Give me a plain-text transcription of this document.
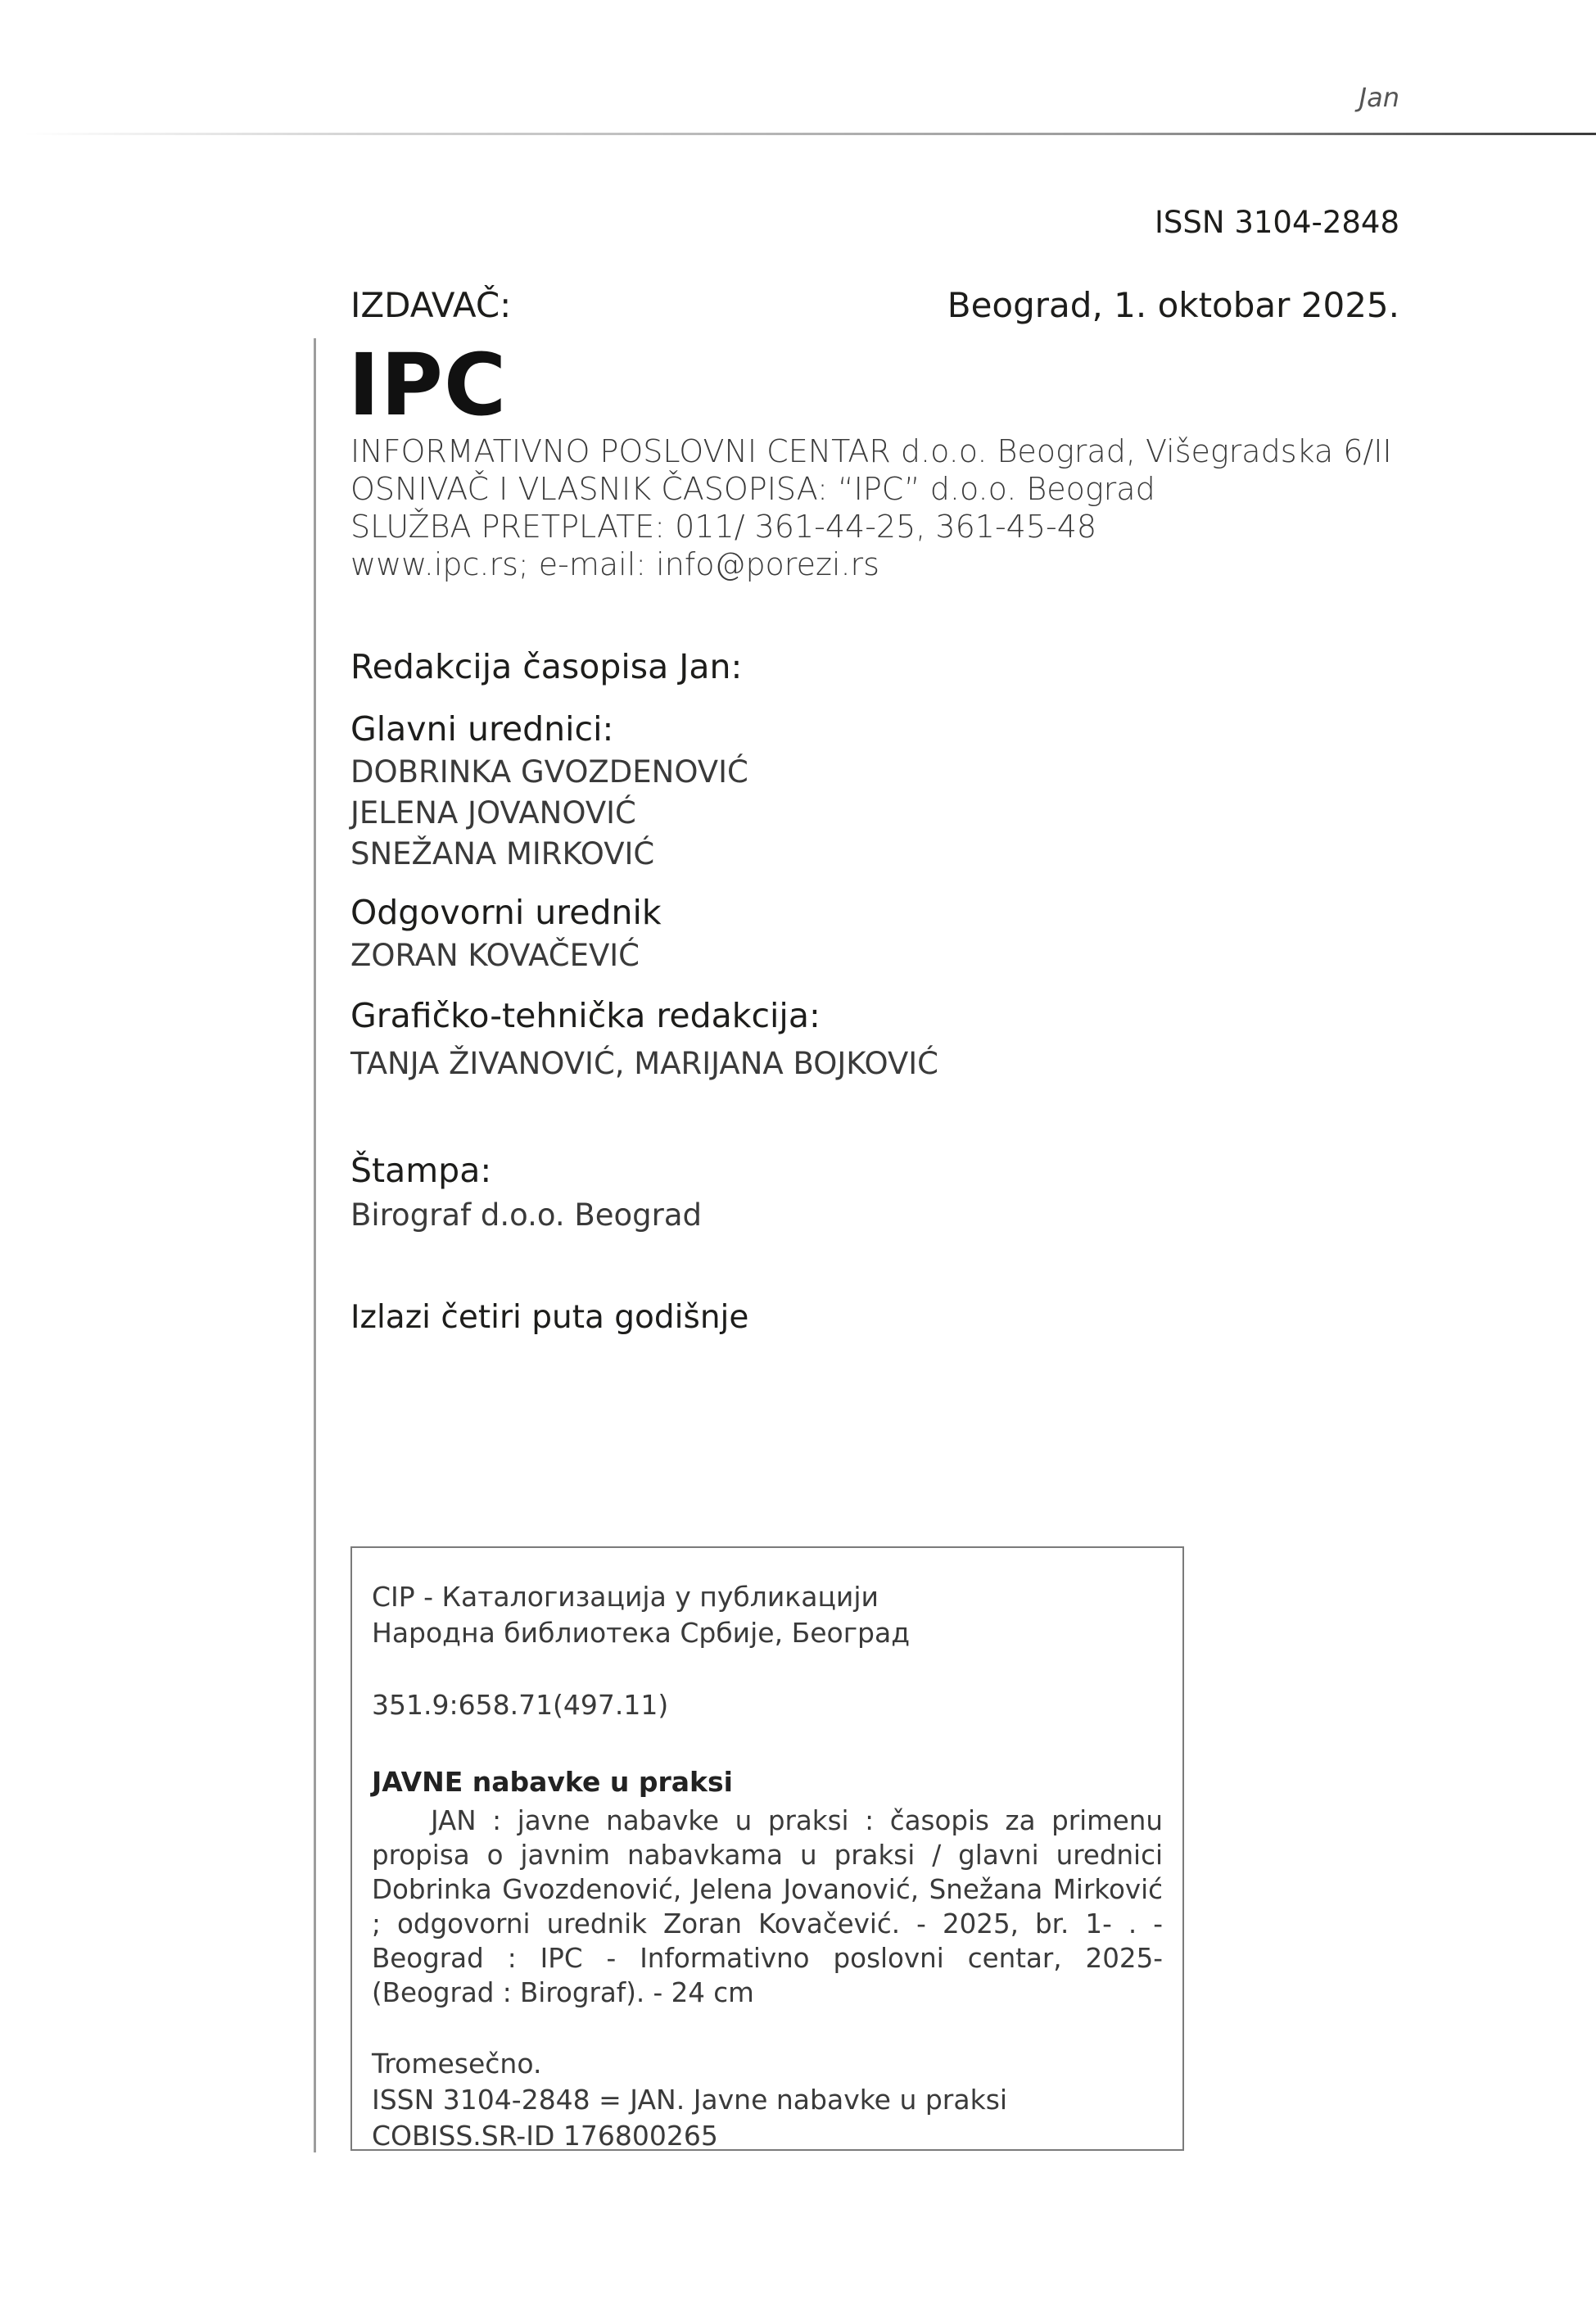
Jan
ISSN 3104-2848
IZDAVAČ:	Beograd, 1. oktobar 2025.
IPC
INFORMATIVNO POSLOVNI CENTAR d.o.o. Beograd, Višegradska 6/II
OSNIVAČ I VLASNIK ČASOPISA: “IPC” d.o.o. Beograd
SLUŽBA PRETPLATE: 011/ 361-44-25, 361-45-48
www.ipc.rs; e-mail: info@porezi.rs
Redakcija časopisa Jan:
Glavni urednici:
DOBRINKA GVOZDENOVIĆ
JELENA JOVANOVIĆ
SNEŽANA MIRKOVIĆ
Odgovorni urednik
ZORAN KOVAČEVIĆ
Grafičko-tehnička redakcija:
TANJA ŽIVANOVIĆ, MARIJANA BOJKOVIĆ
Štampa:
Birograf d.o.o. Beograd
Izlazi četiri puta godišnje
CIP - Каталогизација у публикацији
Народна библиотека Србије, Београд
351.9:658.71(497.11)
JAVNE nabavke u praksi
JAN : javne nabavke u praksi : časopis za primenu propisa o javnim nabavkama u praksi / glavni urednici Dobrinka Gvozdenović, Jelena Jovanović, Snežana Mirković ; odgovorni urednik Zoran Kovačević. - 2025, br. 1- . - Beograd : IPC - Informativno poslovni centar, 2025- (Beograd : Birograf). - 24 cm
Tromesečno.
ISSN 3104-2848 = JAN. Javne nabavke u praksi
COBISS.SR-ID 176800265
